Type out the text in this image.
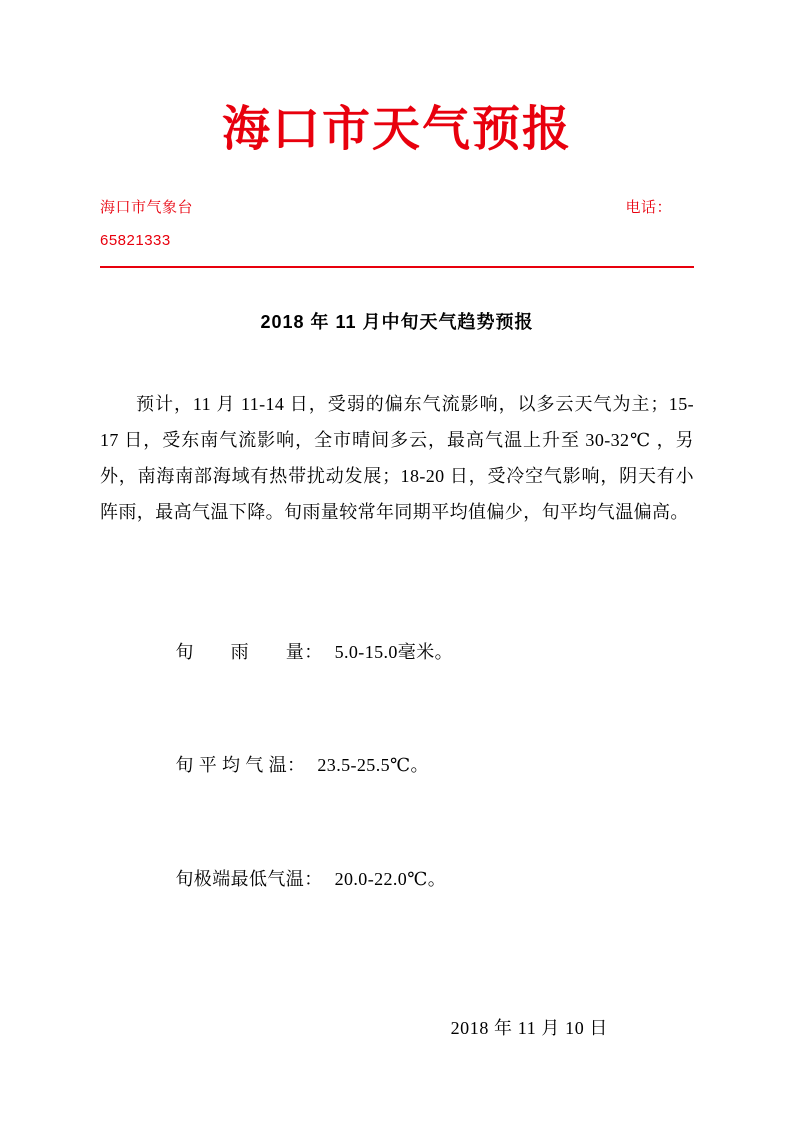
海口市天气预报
海口市气象台	电话：
65821333
2018 年 11 月中旬天气趋势预报

预计，11 月 11-14 日，受弱的偏东气流影响，以多云天气为主；15-17 日，受东南气流影响，全市晴间多云，最高气温上升至 30-32℃ ，另外，南海南部海域有热带扰动发展；18-20 日，受冷空气影响，阴天有小阵雨，最高气温下降。旬雨量较常年同期平均值偏少，旬平均气温偏高。

旬　　雨　　量： 5.0-15.0毫米。

旬 平 均 气 温： 23.5-25.5℃。

旬极端最低气温： 20.0-22.0℃。

2018 年 11 月 10 日
